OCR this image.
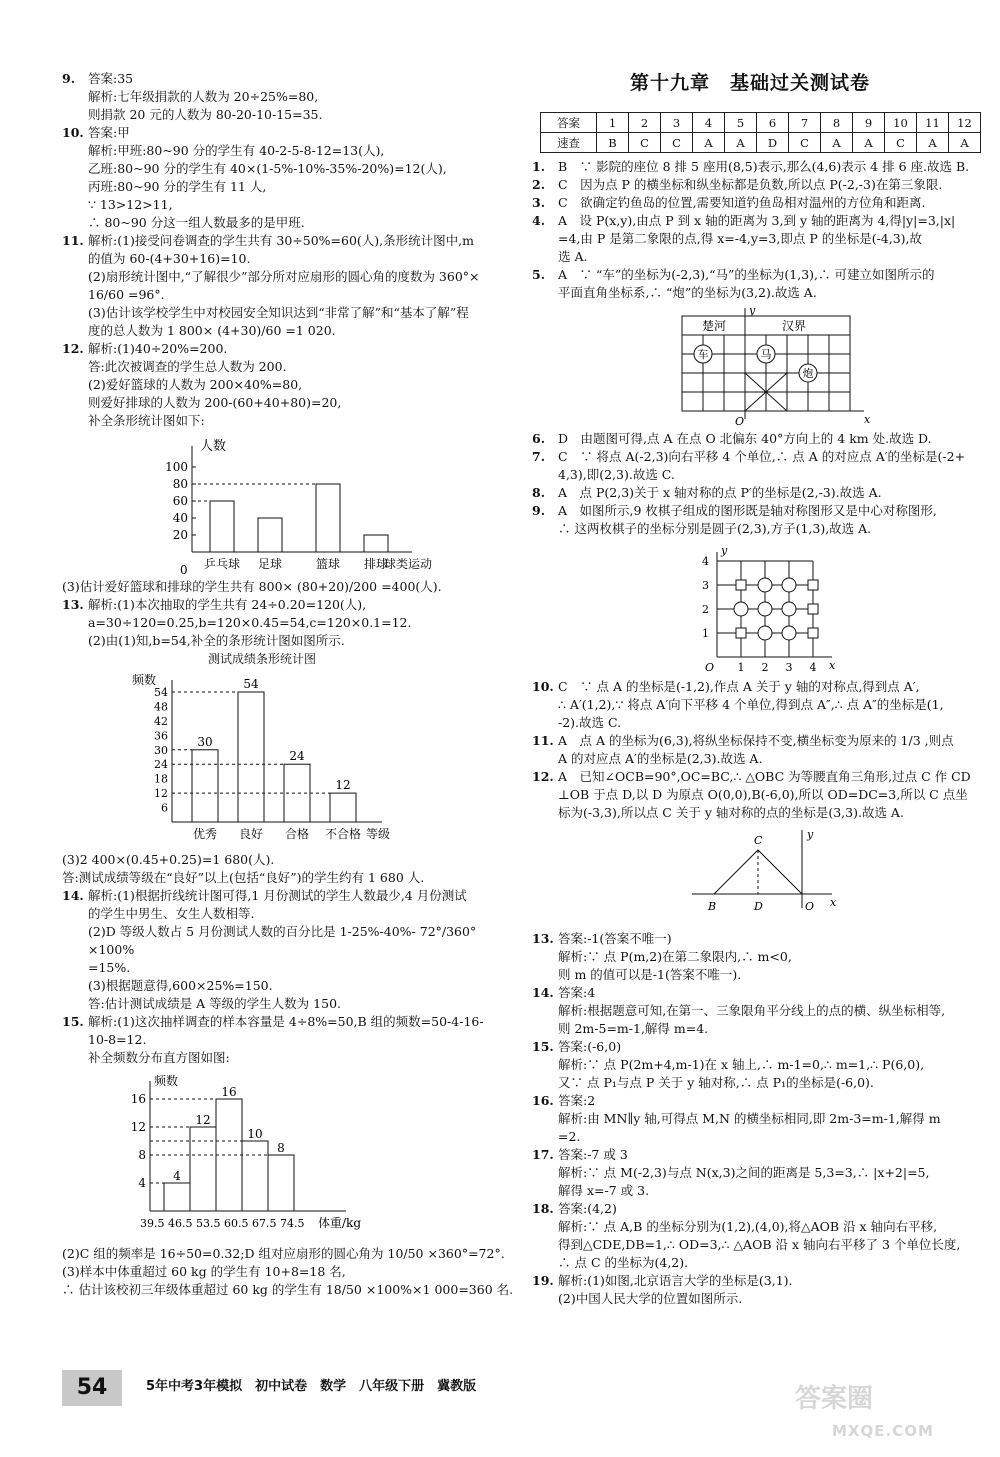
9. 答案:35
解析:七年级捐款的人数为 20÷25%=80,
则捐款 20 元的人数为 80-20-10-15=35.
10. 答案:甲
解析:甲班:80~90 分的学生有 40-2-5-8-12=13(人),
乙班:80~90 分的学生有 40×(1-5%-10%-35%-20%)=12(人),
丙班:80~90 分的学生有 11 人,
∵ 13>12>11,
∴ 80~90 分这一组人数最多的是甲班.
11. 解析:(1)接受问卷调查的学生共有 30÷50%=60(人),条形统计图中,m
的值为 60-(4+30+16)=10.
(2)扇形统计图中,“了解很少”部分所对应扇形的圆心角的度数为 360°×
16/60 =96°.
(3)估计该学校学生中对校园安全知识达到“非常了解”和“基本了解”程
度的总人数为 1 800× (4+30)/60 =1 020.
12. 解析:(1)40÷20%=200.
答:此次被调查的学生总人数为 200.
(2)爱好篮球的人数为 200×40%=80,
则爱好排球的人数为 200-(60+40+80)=20,
补全条形统计图如下:
人数
0
20
40
60
80
100
乒乓球 足球	篮球 排球
球类运动
(3)估计爱好篮球和排球的学生共有 800× (80+20)/200 =400(人).
13. 解析:(1)本次抽取的学生共有 24÷0.20=120(人),
a=30÷120=0.25,b=120×0.45=54,c=120×0.1=12.
(2)由(1)知,b=54,补全的条形统计图如图所示.
测试成绩条形统计图
频数
6
12
18
24
30
36
42
48
54
30
优秀
54
良好
24
合格
12
不合格 等级
(3)2 400×(0.45+0.25)=1 680(人).
答:测试成绩等级在“良好”以上(包括“良好”)的学生约有 1 680 人.
14. 解析:(1)根据折线统计图可得,1 月份测试的学生人数最少,4 月份测试
的学生中男生、女生人数相等.
(2)D 等级人数占 5 月份测试人数的百分比是 1-25%-40%- 72°/360° ×100%
=15%.
(3)根据题意得,600×25%=150.
答:估计测试成绩是 A 等级的学生人数为 150.
15. 解析:(1)这次抽样调查的样本容量是 4÷8%=50,B 组的频数=50-4-16-
10-8=12.
补全频数分布直方图如图:
频数
4
8
12
16
4
12
16
10
8
39.5 46.5 53.5 60.5 67.5 74.5 体重/kg
(2)C 组的频率是 16÷50=0.32;D 组对应扇形的圆心角为 10/50 ×360°=72°.
(3)样本中体重超过 60 kg 的学生有 10+8=18 名,
∴ 估计该校初三年级体重超过 60 kg 的学生有 18/50 ×100%×1 000=360 名.
第十九章　基础过关测试卷
答案	1	2	3	4	5	6	7	8	9	10	11	12
速查	B	C	C	A	A	D	C	A	A	C	A	A
1. B　∵ 影院的座位 8 排 5 座用(8,5)表示,那么(4,6)表示 4 排 6 座.故选 B.
2. C　因为点 P 的横坐标和纵坐标都是负数,所以点 P(-2,-3)在第三象限.
3. C　欲确定钓鱼岛的位置,需要知道钓鱼岛相对温州的方位角和距离.
4. A　设 P(x,y),由点 P 到 x 轴的距离为 3,到 y 轴的距离为 4,得|y|=3,|x|
=4,由 P 是第二象限的点,得 x=-4,y=3,即点 P 的坐标是(-4,3),故
选 A.
5. A　∵ “车”的坐标为(-2,3),“马”的坐标为(1,3),∴ 可建立如图所示的
平面直角坐标系,∴ “炮”的坐标为(3,2).故选 A.
楚河	汉界
y
x
O
车	马
炮
6. D　由题图可得,点 A 在点 O 北偏东 40°方向上的 4 km 处.故选 D.
7. C　∵ 将点 A(-2,3)向右平移 4 个单位,∴ 点 A 的对应点 A′的坐标是(-2+
4,3),即(2,3).故选 C.
8. A　点 P(2,3)关于 x 轴对称的点 P′的坐标是(2,-3).故选 A.
9. A　如图所示,9 枚棋子组成的图形既是轴对称图形又是中心对称图形,
∴ 这两枚棋子的坐标分别是圆子(2,3),方子(1,3),故选 A.
1
1
2
2
3
3
4
4
y
x
O
10. C　∵ 点 A 的坐标是(-1,2),作点 A 关于 y 轴的对称点,得到点 A′,
∴ A′(1,2),∵ 将点 A′向下平移 4 个单位,得到点 A″,∴ 点 A″的坐标是(1,
-2).故选 C.
11. A　点 A 的坐标为(6,3),将纵坐标保持不变,横坐标变为原来的 1/3 ,则点
A 的对应点 A′的坐标是(2,3).故选 A.
12. A　已知∠OCB=90°,OC=BC,∴ △OBC 为等腰直角三角形,过点 C 作 CD
⊥OB 于点 D,以 D 为原点 O(0,0),B(-6,0),所以 OD=DC=3,所以 C 点坐
标为(-3,3),所以点 C 关于 y 轴对称的点的坐标是(3,3).故选 A.
B	D
C
O
y
x
13. 答案:-1(答案不唯一)
解析:∵ 点 P(m,2)在第二象限内,∴ m<0,
则 m 的值可以是-1(答案不唯一).
14. 答案:4
解析:根据题意可知,在第一、三象限角平分线上的点的横、纵坐标相等,
则 2m-5=m-1,解得 m=4.
15. 答案:(-6,0)
解析:∵ 点 P(2m+4,m-1)在 x 轴上,∴ m-1=0,∴ m=1,∴ P(6,0),
又∵ 点 P₁与点 P 关于 y 轴对称,∴ 点 P₁的坐标是(-6,0).
16. 答案:2
解析:由 MN∥y 轴,可得点 M,N 的横坐标相同,即 2m-3=m-1,解得 m
=2.
17. 答案:-7 或 3
解析:∵ 点 M(-2,3)与点 N(x,3)之间的距离是 5,3=3,∴ |x+2|=5,
解得 x=-7 或 3.
18. 答案:(4,2)
解析:∵ 点 A,B 的坐标分别为(1,2),(4,0),将△AOB 沿 x 轴向右平移,
得到△CDE,DB=1,∴ OD=3,∴ △AOB 沿 x 轴向右平移了 3 个单位长度,
∴ 点 C 的坐标为(4,2).
19. 解析:(1)如图,北京语言大学的坐标是(3,1).
(2)中国人民大学的位置如图所示.
54	5年中考3年模拟　初中试卷　数学　八年级下册　冀教版	答案圈
MXQE.COM
